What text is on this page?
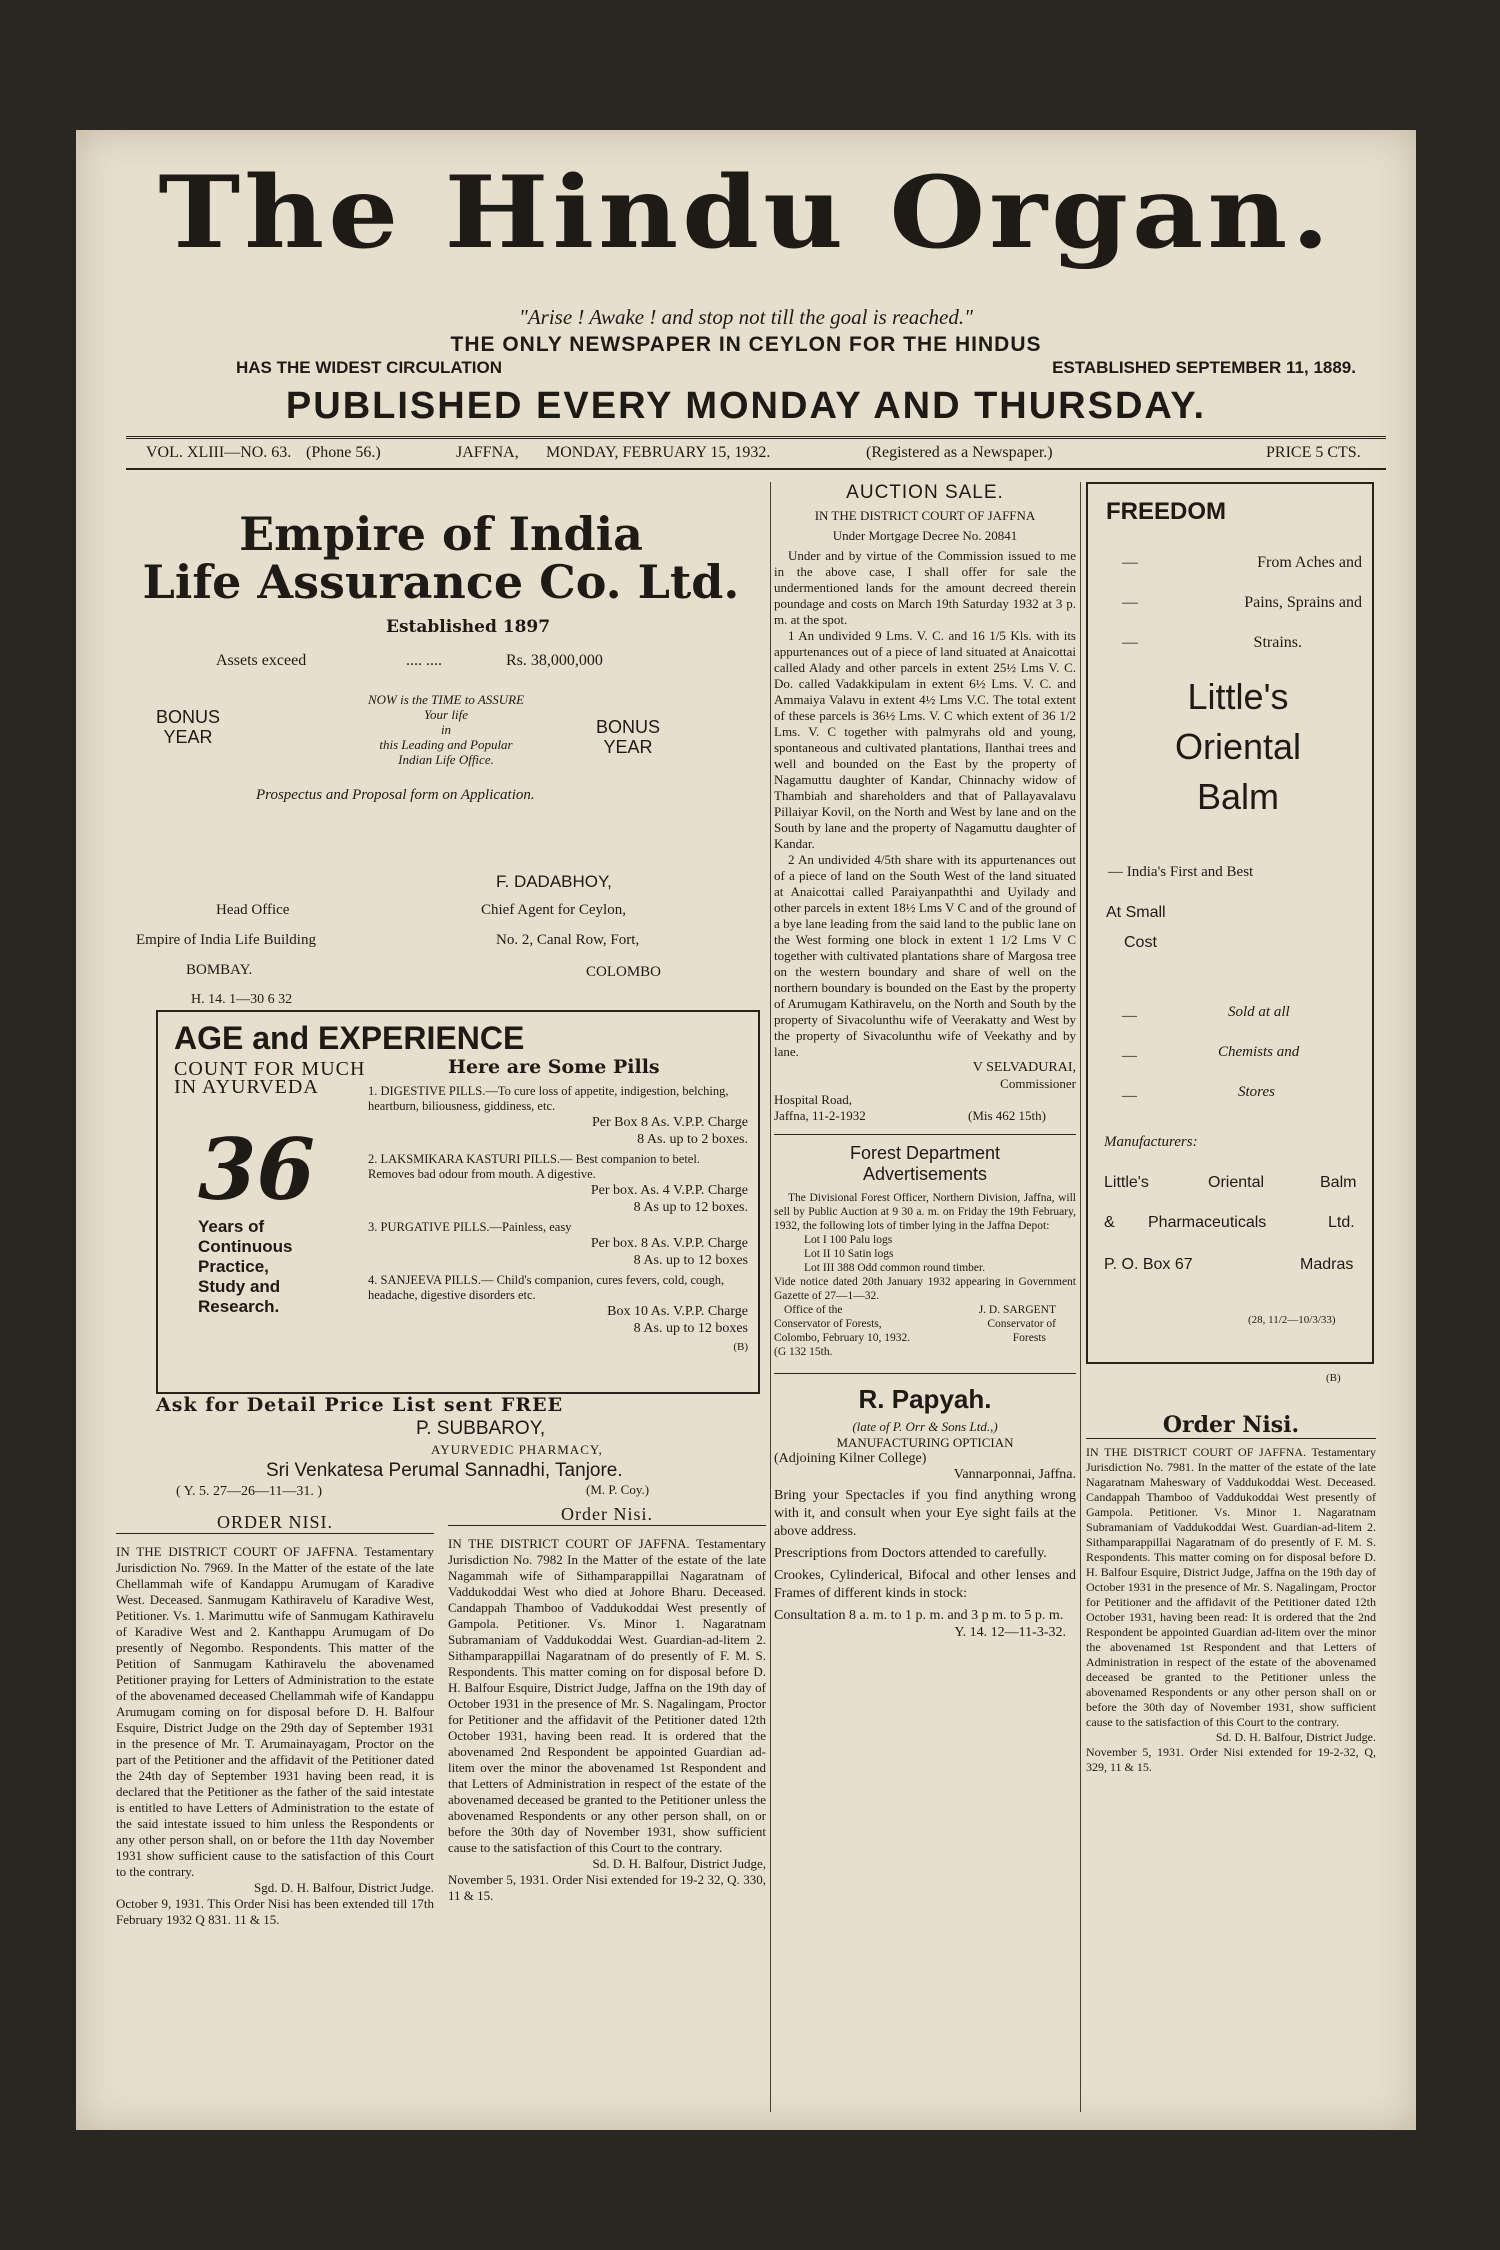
The Hindu Organ.
"Arise ! Awake ! and stop not till the goal is reached."
THE ONLY NEWSPAPER IN CEYLON FOR THE HINDUS
HAS THE WIDEST CIRCULATION	ESTABLISHED SEPTEMBER 11, 1889.
PUBLISHED EVERY MONDAY AND THURSDAY.
VOL. XLIII—NO. 63. (Phone 56.)	JAFFNA, MONDAY, FEBRUARY 15, 1932.	(Registered as a Newspaper.)	PRICE 5 CTS.
Empire of India
Life Assurance Co. Ltd.
Established 1897
Assets exceed	.... ....	Rs. 38,000,000
BONUS
YEAR	BONUS
YEAR
NOW is the TIME to ASSURE
Your life
in
this Leading and Popular
Indian Life Office.
Prospectus and Proposal form on Application.
F. DADABHOY,
Chief Agent for Ceylon,
No. 2, Canal Row, Fort,
COLOMBO
Head Office
Empire of India Life Building
BOMBAY.
H. 14. 1—30 6 32
AGE and EXPERIENCE
COUNT FOR MUCH
IN AYURVEDA
36
Years of
Continuous
Practice,
Study and
Research.
Here are Some Pills
1. DIGESTIVE PILLS.—To cure loss of appetite, indigestion, belching, heartburn, biliousness, giddiness, etc.
Per Box 8 As. V.P.P. Charge
8 As. up to 2 boxes.
2. LAKSMIKARA KASTURI PILLS.— Best companion to betel. Removes bad odour from mouth. A digestive.
Per box. As. 4 V.P.P. Charge
8 As up to 12 boxes.
3. PURGATIVE PILLS.—Painless, easy
Per box. 8 As. V.P.P. Charge
8 As. up to 12 boxes
4. SANJEEVA PILLS.— Child's companion, cures fevers, cold, cough, headache, digestive disorders etc.
Box 10 As. V.P.P. Charge
8 As. up to 12 boxes
(B)
Ask for Detail Price List sent FREE
P. SUBBAROY,
AYURVEDIC PHARMACY,
Sri Venkatesa Perumal Sannadhi, Tanjore.
( Y. 5. 27—26—11—31. )	(M. P. Coy.)
ORDER NISI.

IN THE DISTRICT COURT OF JAFFNA. Testamentary Jurisdiction No. 7969. In the Matter of the estate of the late Chellammah wife of Kandappu Arumugam of Karadive West. Deceased. Sanmugam Kathiravelu of Karadive West, Petitioner. Vs. 1. Marimuttu wife of Sanmugam Kathiravelu of Karadive West and 2. Kanthappu Arumugam of Do presently of Negombo. Respondents. This matter of the Petition of Sanmugam Kathiravelu the abovenamed Petitioner praying for Letters of Administration to the estate of the abovenamed deceased Chellammah wife of Kandappu Arumugam coming on for disposal before D. H. Balfour Esquire, District Judge on the 29th day of September 1931 in the presence of Mr. T. Arumainayagam, Proctor on the part of the Petitioner and the affidavit of the Petitioner dated the 24th day of September 1931 having been read, it is declared that the Petitioner as the father of the said intestate is entitled to have Letters of Administration to the estate of the said intestate issued to him unless the Respondents or any other person shall, on or before the 11th day November 1931 show sufficient cause to the satisfaction of this Court to the contrary.

Sgd. D. H. Balfour, District Judge.

October 9, 1931. This Order Nisi has been extended till 17th February 1932 Q 831. 11 & 15.

Order Nisi.

IN THE DISTRICT COURT OF JAFFNA. Testamentary Jurisdiction No. 7982 In the Matter of the estate of the late Nagammah wife of Sithamparappillai Nagaratnam of Vaddukoddai West who died at Johore Bharu. Deceased. Candappah Thamboo of Vaddukoddai West presently of Gampola. Petitioner. Vs. Minor 1. Nagaratnam Subramaniam of Vaddukoddai West. Guardian-ad-litem 2. Sithamparappillai Nagaratnam of do presently of F. M. S. Respondents. This matter coming on for disposal before D. H. Balfour Esquire, District Judge, Jaffna on the 19th day of October 1931 in the presence of Mr. S. Nagalingam, Proctor for Petitioner and the affidavit of the Petitioner dated 12th October 1931, having been read. It is ordered that the abovenamed 2nd Respondent be appointed Guardian ad-litem over the minor the abovenamed 1st Respondent and that Letters of Administration in respect of the estate of the abovenamed deceased be granted to the Petitioner unless the abovenamed Respondents or any other person shall, on or before the 30th day of November 1931, show sufficient cause to the satisfaction of this Court to the contrary.

Sd. D. H. Balfour, District Judge,

November 5, 1931. Order Nisi extended for 19-2 32, Q. 330, 11 & 15.

AUCTION SALE.
IN THE DISTRICT COURT OF JAFFNA
Under Mortgage Decree No. 20841

Under and by virtue of the Commission issued to me in the above case, I shall offer for sale the undermentioned lands for the amount decreed therein poundage and costs on March 19th Saturday 1932 at 3 p. m. at the spot.

1 An undivided 9 Lms. V. C. and 16 1/5 Kls. with its appurtenances out of a piece of land situated at Anaicottai called Alady and other parcels in extent 25½ Lms V. C. Do. called Vadakkipulam in extent 6½ Lms. V. C. and Ammaiya Valavu in extent 4½ Lms V.C. The total extent of these parcels is 36½ Lms. V. C which extent of 36 1/2 Lms. V. C together with palmyrahs old and young, spontaneous and cultivated plantations, Ilanthai trees and well and bounded on the East by the property of Nagamuttu daughter of Kandar, Chinnachy widow of Thambiah and shareholders and that of Pallayavalavu Pillaiyar Kovil, on the North and West by lane and on the South by lane and the property of Nagamuttu daughter of Kandar.

2 An undivided 4/5th share with its appurtenances out of a piece of land on the South West of the land situated at Anaicottai called Paraiyanpaththi and Uyilady and other parcels in extent 18½ Lms V C and of the ground of a bye lane leading from the said land to the public lane on the West forming one block in extent 1 1/2 Lms V C together with cultivated plantations share of Margosa tree on the western boundary and share of well on the northern boundary is bounded on the East by the property of Arumugam Kathiravelu, on the North and South by the property of Sivacolunthu wife of Veerakatty and West by the property of Sivacolunthu wife of Veekathy and by lane.

V SELVADURAI,
Commissioner
Hospital Road,
Jaffna, 11-2-1932	(Mis 462 15th)
Forest Department
Advertisements

The Divisional Forest Officer, Northern Division, Jaffna, will sell by Public Auction at 9 30 a. m. on Friday the 19th February, 1932, the following lots of timber lying in the Jaffna Depot:

Lot I 100 Palu logs
Lot II 10 Satin logs
Lot III 388 Odd common round timber.

Vide notice dated 20th January 1932 appearing in Government Gazette of 27—1—32.

Office of the	J. D. SARGENT
Conservator of Forests,	Conservator of
Colombo, February 10, 1932.	Forests
(G 132 15th.
R. Papyah.
(late of P. Orr & Sons Ltd.,)
MANUFACTURING OPTICIAN
(Adjoining Kilner College)
Vannarponnai, Jaffna.

Bring your Spectacles if you find anything wrong with it, and consult when your Eye sight fails at the above address.

Prescriptions from Doctors attended to carefully.

Crookes, Cylinderical, Bifocal and other lenses and Frames of different kinds in stock:

Consultation 8 a. m. to 1 p. m. and 3 p m. to 5 p. m.

Y. 14. 12—11-3-32.
FREEDOM
—	From Aches and
—	Pains, Sprains and
—	Strains.
Little's
Oriental
Balm
— India's First and Best
At Small
Cost
Sold at all
Chemists and
Stores
—
—
—
Manufacturers:
Little's	Oriental	Balm
& Pharmaceuticals	Ltd.
P. O. Box 67	Madras
(28, 11/2—10/3/33)
(B)
Order Nisi.

IN THE DISTRICT COURT OF JAFFNA. Testamentary Jurisdiction No. 7981. In the matter of the estate of the late Nagaratnam Maheswary of Vaddukoddai West. Deceased. Candappah Thamboo of Vaddukoddai West presently of Gampola. Petitioner. Vs. Minor 1. Nagaratnam Subramaniam of Vaddukoddai West. Guardian-ad-litem 2. Sithamparappillai Nagaratnam of do presently of F. M. S. Respondents. This matter coming on for disposal before D. H. Balfour Esquire, District Judge, Jaffna on the 19th day of October 1931 in the presence of Mr. S. Nagalingam, Proctor for Petitioner and the affidavit of the Petitioner dated 12th October 1931, having been read: It is ordered that the 2nd Respondent be appointed Guardian ad-litem over the minor the abovenamed 1st Respondent and that Letters of Administration in respect of the estate of the abovenamed deceased be granted to the Petitioner unless the abovenamed Respondents or any other person shall on or before the 30th day of November 1931, show sufficient cause to the satisfaction of this Court to the contrary.

Sd. D. H. Balfour, District Judge.

November 5, 1931. Order Nisi extended for 19-2-32, Q, 329, 11 & 15.
